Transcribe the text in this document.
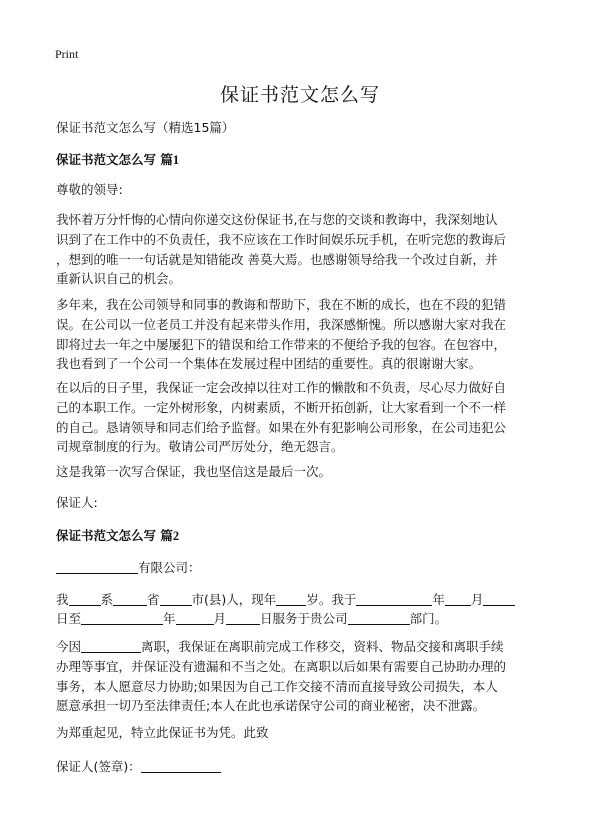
Print
保证书范文怎么写
保证书范文怎么写（精选15篇）
保证书范文怎么写 篇1
尊敬的领导:
我怀着万分忏悔的心情向你递交这份保证书,在与您的交谈和教诲中，我深刻地认
识到了在工作中的不负责任，我不应该在工作时间娱乐玩手机，在听完您的教诲后
，想到的唯一一句话就是知错能改 善莫大焉。也感谢领导给我一个改过自新，并
重新认识自己的机会。
多年来，我在公司领导和同事的教诲和帮助下，我在不断的成长，也在不段的犯错
误。在公司以一位老员工并没有起来带头作用，我深感惭愧。所以感谢大家对我在
即将过去一年之中屡屡犯下的错误和给工作带来的不便给予我的包容。在包容中，
我也看到了一个公司一个集体在发展过程中团结的重要性。真的很谢谢大家。
在以后的日子里，我保证一定会改掉以往对工作的懒散和不负责，尽心尽力做好自
己的本职工作。一定外树形象，内树素质，不断开拓创新，让大家看到一个不一样
的自己。恳请领导和同志们给予监督。如果在外有犯影响公司形象，在公司违犯公
司规章制度的行为。敬请公司严厉处分，绝无怨言。
这是我第一次写合保证，我也坚信这是最后一次。
保证人:
保证书范文怎么写 篇2
有限公司：
我	系	省	市(县)人，现年 岁。我于	年 月
日至	年	月	日服务于贵公司	部门。
今因	离职，我保证在离职前完成工作移交，资料、物品交接和离职手续
办理等事宜，并保证没有遗漏和不当之处。在离职以后如果有需要自己协助办理的
事务，本人愿意尽力协助;如果因为自己工作交接不清而直接导致公司损失，本人
愿意承担一切乃至法律责任;本人在此也承诺保守公司的商业秘密，决不泄露。
为郑重起见，特立此保证书为凭。此致
保证人(签章)：
